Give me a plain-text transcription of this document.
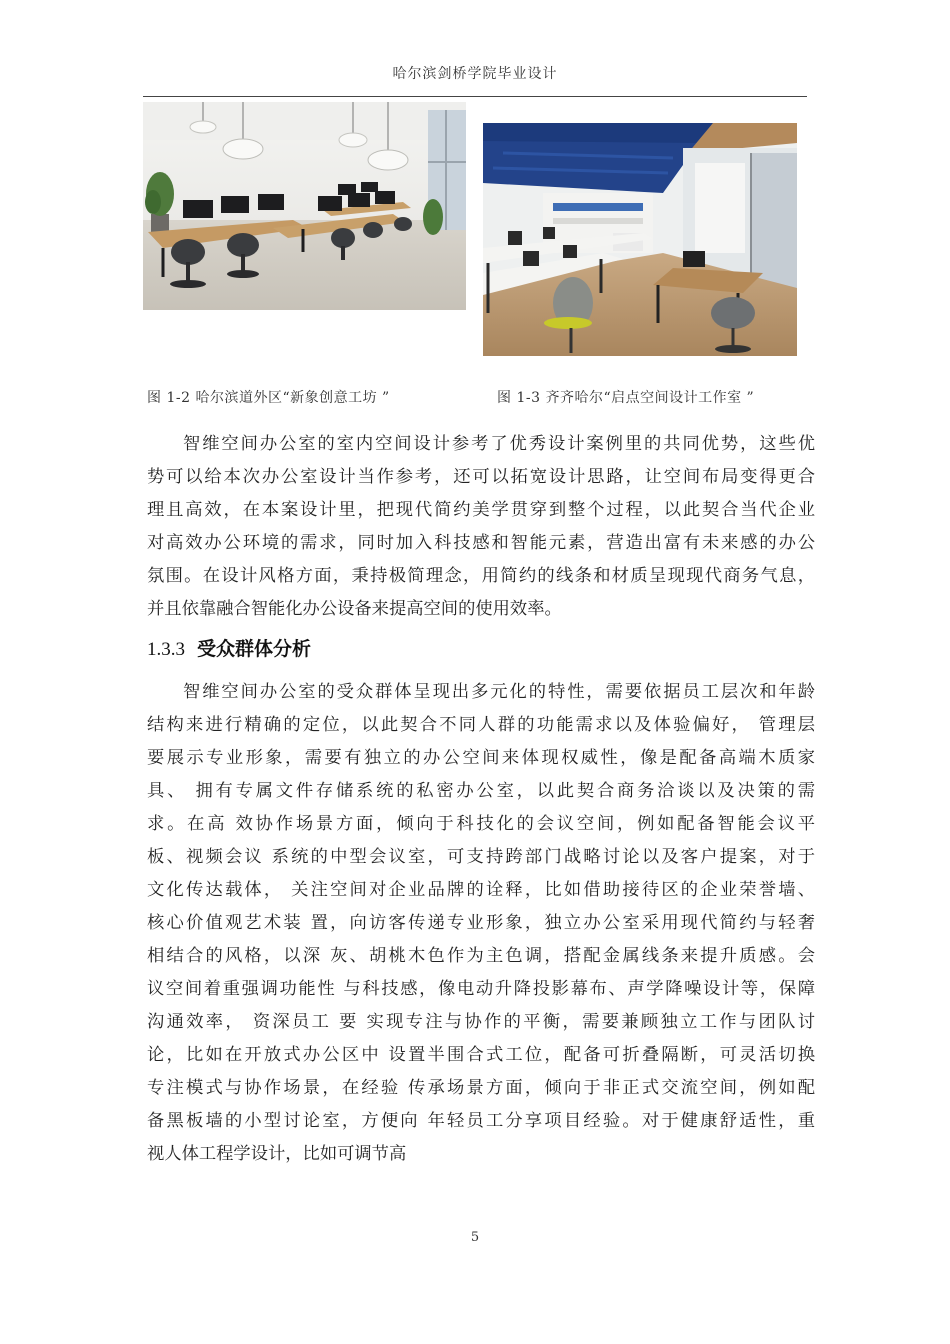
哈尔滨剑桥学院毕业设计
图 1-2 哈尔滨道外区“新象创意工坊 ”	图 1-3 齐齐哈尔“启点空间设计工作室 ”
智维空间办公室的室内空间设计参考了优秀设计案例里的共同优势，这些优
势可以给本次办公室设计当作参考，还可以拓宽设计思路，让空间布局变得更合
理且高效，在本案设计里，把现代简约美学贯穿到整个过程，以此契合当代企业
对高效办公环境的需求，同时加入科技感和智能元素，营造出富有未来感的办公
氛围。在设计风格方面，秉持极简理念，用简约的线条和材质呈现现代商务气息，
并且依靠融合智能化办公设备来提高空间的使用效率。
1.3.3 受众群体分析
智维空间办公室的受众群体呈现出多元化的特性，需要依据员工层次和年龄
结构来进行精确的定位，以此契合不同人群的功能需求以及体验偏好， 管理层
要展示专业形象，需要有独立的办公空间来体现权威性，像是配备高端木质家
具、 拥有专属文件存储系统的私密办公室，以此契合商务洽谈以及决策的需
求。在高 效协作场景方面，倾向于科技化的会议空间，例如配备智能会议平
板、视频会议 系统的中型会议室，可支持跨部门战略讨论以及客户提案，对于
文化传达载体， 关注空间对企业品牌的诠释，比如借助接待区的企业荣誉墙、
核心价值观艺术装 置，向访客传递专业形象，独立办公室采用现代简约与轻奢
相结合的风格，以深 灰、胡桃木色作为主色调，搭配金属线条来提升质感。会
议空间着重强调功能性 与科技感，像电动升降投影幕布、声学降噪设计等，保障
沟通效率， 资深员工 要 实现专注与协作的平衡，需要兼顾独立工作与团队讨
论，比如在开放式办公区中 设置半围合式工位，配备可折叠隔断，可灵活切换
专注模式与协作场景，在经验 传承场景方面，倾向于非正式交流空间，例如配
备黑板墙的小型讨论室，方便向 年轻员工分享项目经验。对于健康舒适性，重
视人体工程学设计，比如可调节高
5
